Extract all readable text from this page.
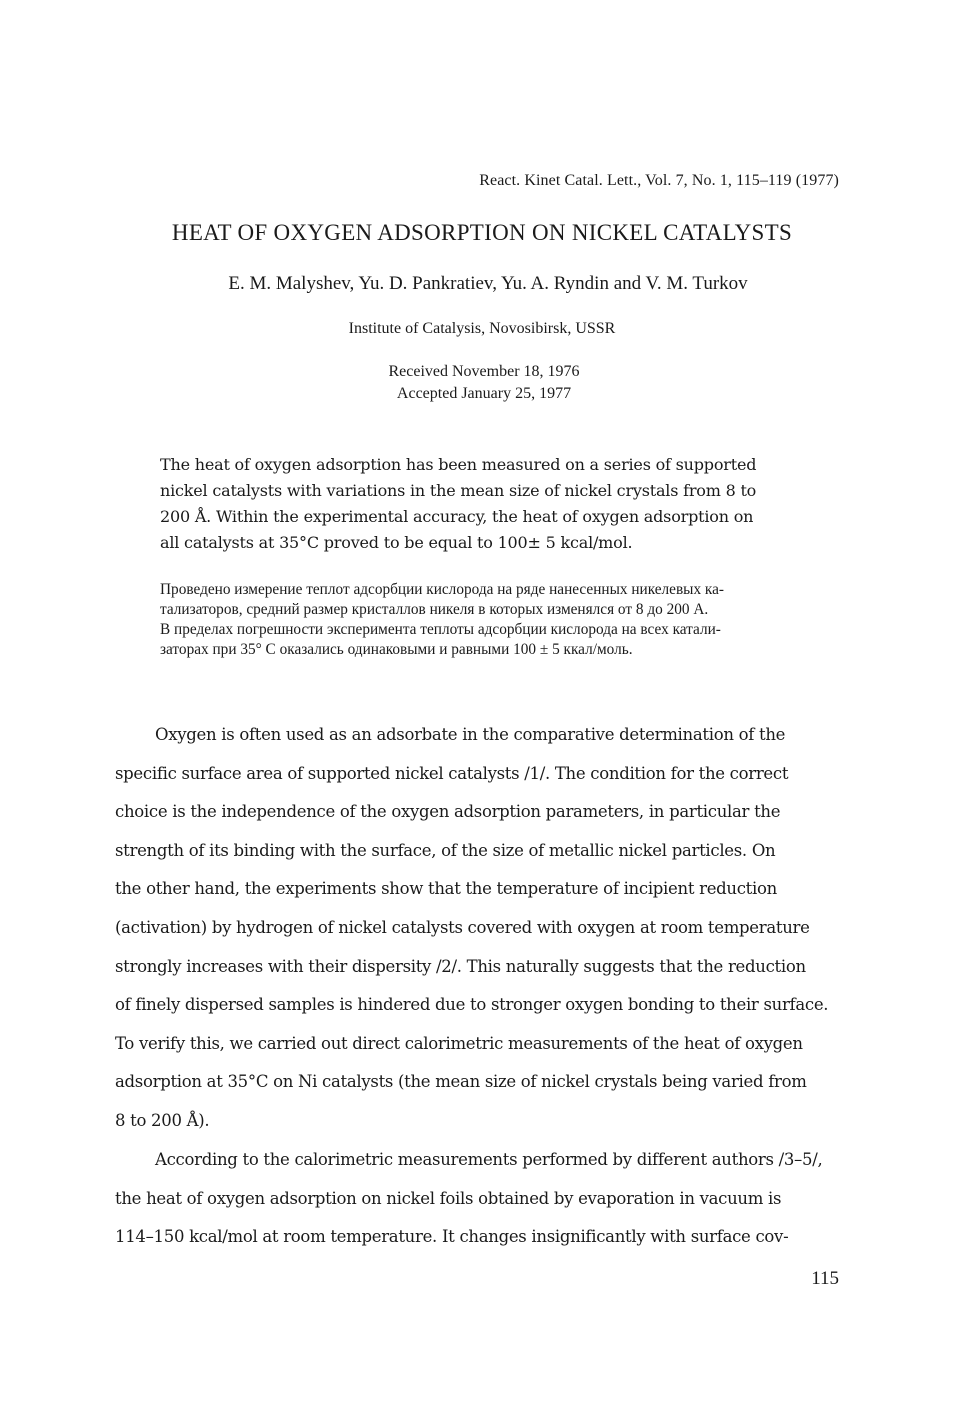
React. Kinet Catal. Lett., Vol. 7, No. 1, 115–119 (1977)
HEAT OF OXYGEN ADSORPTION ON NICKEL CATALYSTS
E. M. Malyshev, Yu. D. Pankratiev, Yu. A. Ryndin and V. M. Turkov
Institute of Catalysis, Novosibirsk, USSR
Received November 18, 1976
Accepted January 25, 1977
The heat of oxygen adsorption has been measured on a series of supported
nickel catalysts with variations in the mean size of nickel crystals from 8 to
200 Å. Within the experimental accuracy, the heat of oxygen adsorption on
all catalysts at 35°C proved to be equal to 100± 5 kcal/mol.
Проведено измерение теплот адсорбции кислорода на ряде нанесенных никелевых ка-
тализаторов, средний размер кристаллов никеля в которых изменялся от 8 до 200 А.
В пределах погрешности эксперимента теплоты адсорбции кислорода на всех катали-
заторах при 35° С оказались одинаковыми и равными 100 ± 5 ккал/моль.
Oxygen is often used as an adsorbate in the comparative determination of the
specific surface area of supported nickel catalysts /1/. The condition for the correct
choice is the independence of the oxygen adsorption parameters, in particular the
strength of its binding with the surface, of the size of metallic nickel particles. On
the other hand, the experiments show that the temperature of incipient reduction
(activation) by hydrogen of nickel catalysts covered with oxygen at room temperature
strongly increases with their dispersity /2/. This naturally suggests that the reduction
of finely dispersed samples is hindered due to stronger oxygen bonding to their surface.
To verify this, we carried out direct calorimetric measurements of the heat of oxygen
adsorption at 35°C on Ni catalysts (the mean size of nickel crystals being varied from
8 to 200 Å).
According to the calorimetric measurements performed by different authors /3–5/,
the heat of oxygen adsorption on nickel foils obtained by evaporation in vacuum is
114–150 kcal/mol at room temperature. It changes insignificantly with surface cov-
115
